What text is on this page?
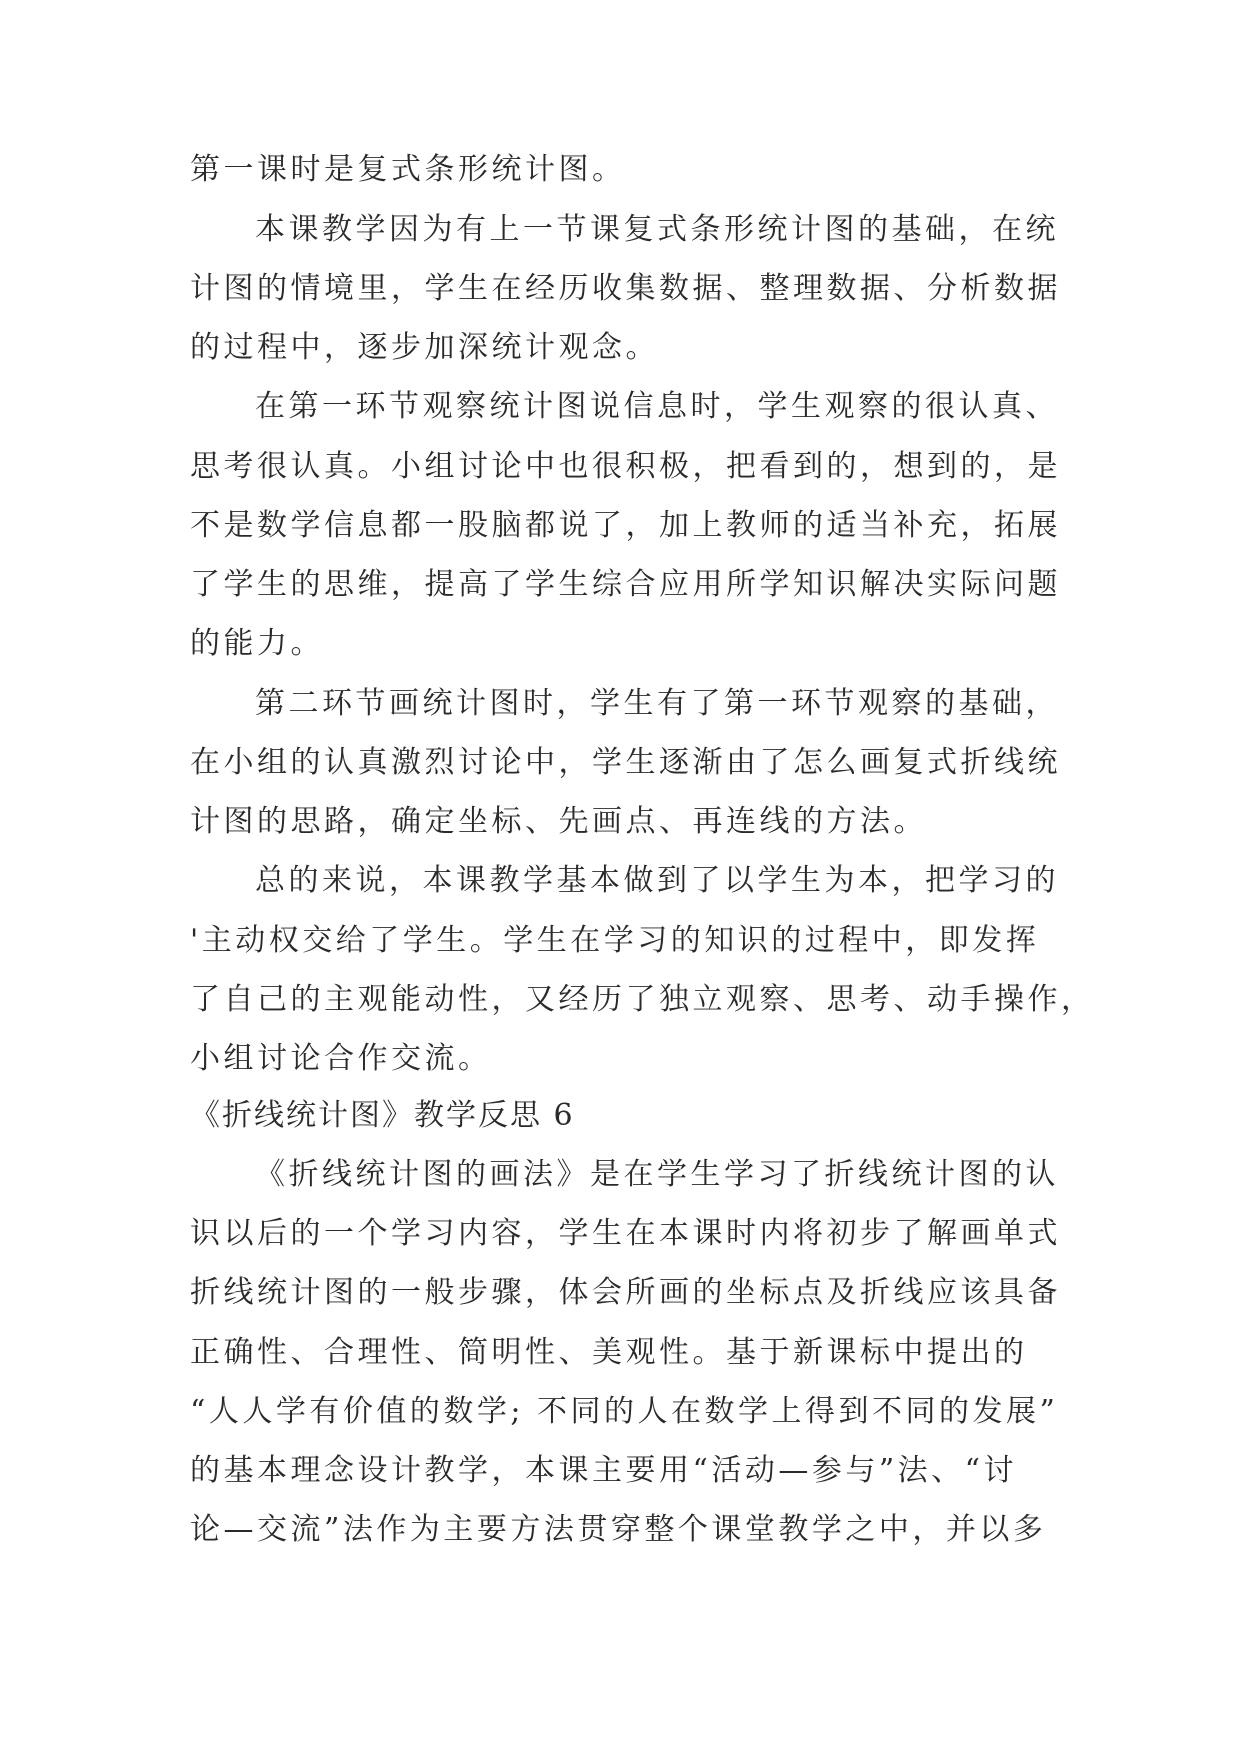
第一课时是复式条形统计图。
本课教学因为有上一节课复式条形统计图的基础，在统
计图的情境里，学生在经历收集数据、整理数据、分析数据
的过程中，逐步加深统计观念。
在第一环节观察统计图说信息时，学生观察的很认真、
思考很认真。小组讨论中也很积极，把看到的，想到的，是
不是数学信息都一股脑都说了，加上教师的适当补充，拓展
了学生的思维，提高了学生综合应用所学知识解决实际问题
的能力。
第二环节画统计图时，学生有了第一环节观察的基础，
在小组的认真激烈讨论中，学生逐渐由了怎么画复式折线统
计图的思路，确定坐标、先画点、再连线的方法。
总的来说，本课教学基本做到了以学生为本，把学习的
'主动权交给了学生。学生在学习的知识的过程中，即发挥
了自己的主观能动性，又经历了独立观察、思考、动手操作，
小组讨论合作交流。
《折线统计图》教学反思 6
《折线统计图的画法》是在学生学习了折线统计图的认
识以后的一个学习内容，学生在本课时内将初步了解画单式
折线统计图的一般步骤，体会所画的坐标点及折线应该具备
正确性、合理性、简明性、美观性。基于新课标中提出的
“人人学有价值的数学; 不同的人在数学上得到不同的发展”
的基本理念设计教学，本课主要用“活动—参与”法、“讨
论—交流”法作为主要方法贯穿整个课堂教学之中，并以多
